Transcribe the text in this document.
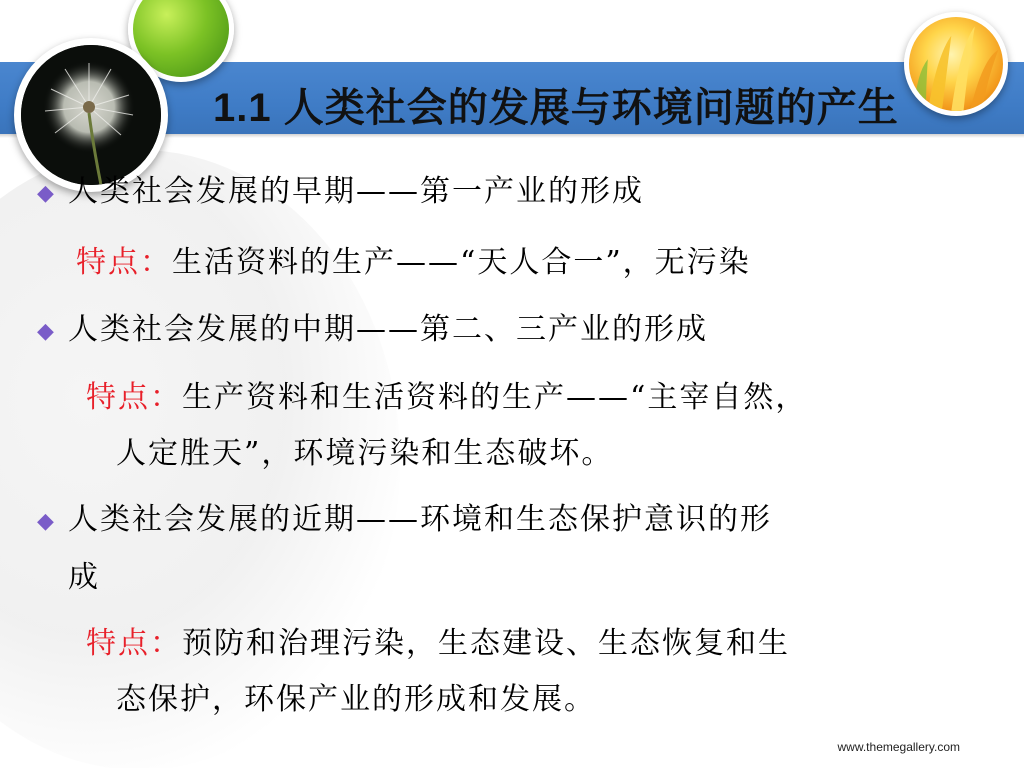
1.1 人类社会的发展与环境问题的产生
◆ 人类社会发展的早期——第一产业的形成
特点：生活资料的生产——“天人合一”，无污染
◆ 人类社会发展的中期——第二、三产业的形成
特点：生产资料和生活资料的生产——“主宰自然，
人定胜天”，环境污染和生态破坏。
◆ 人类社会发展的近期——环境和生态保护意识的形
成
特点：预防和治理污染，生态建设、生态恢复和生
态保护，环保产业的形成和发展。
www.themegallery.com
